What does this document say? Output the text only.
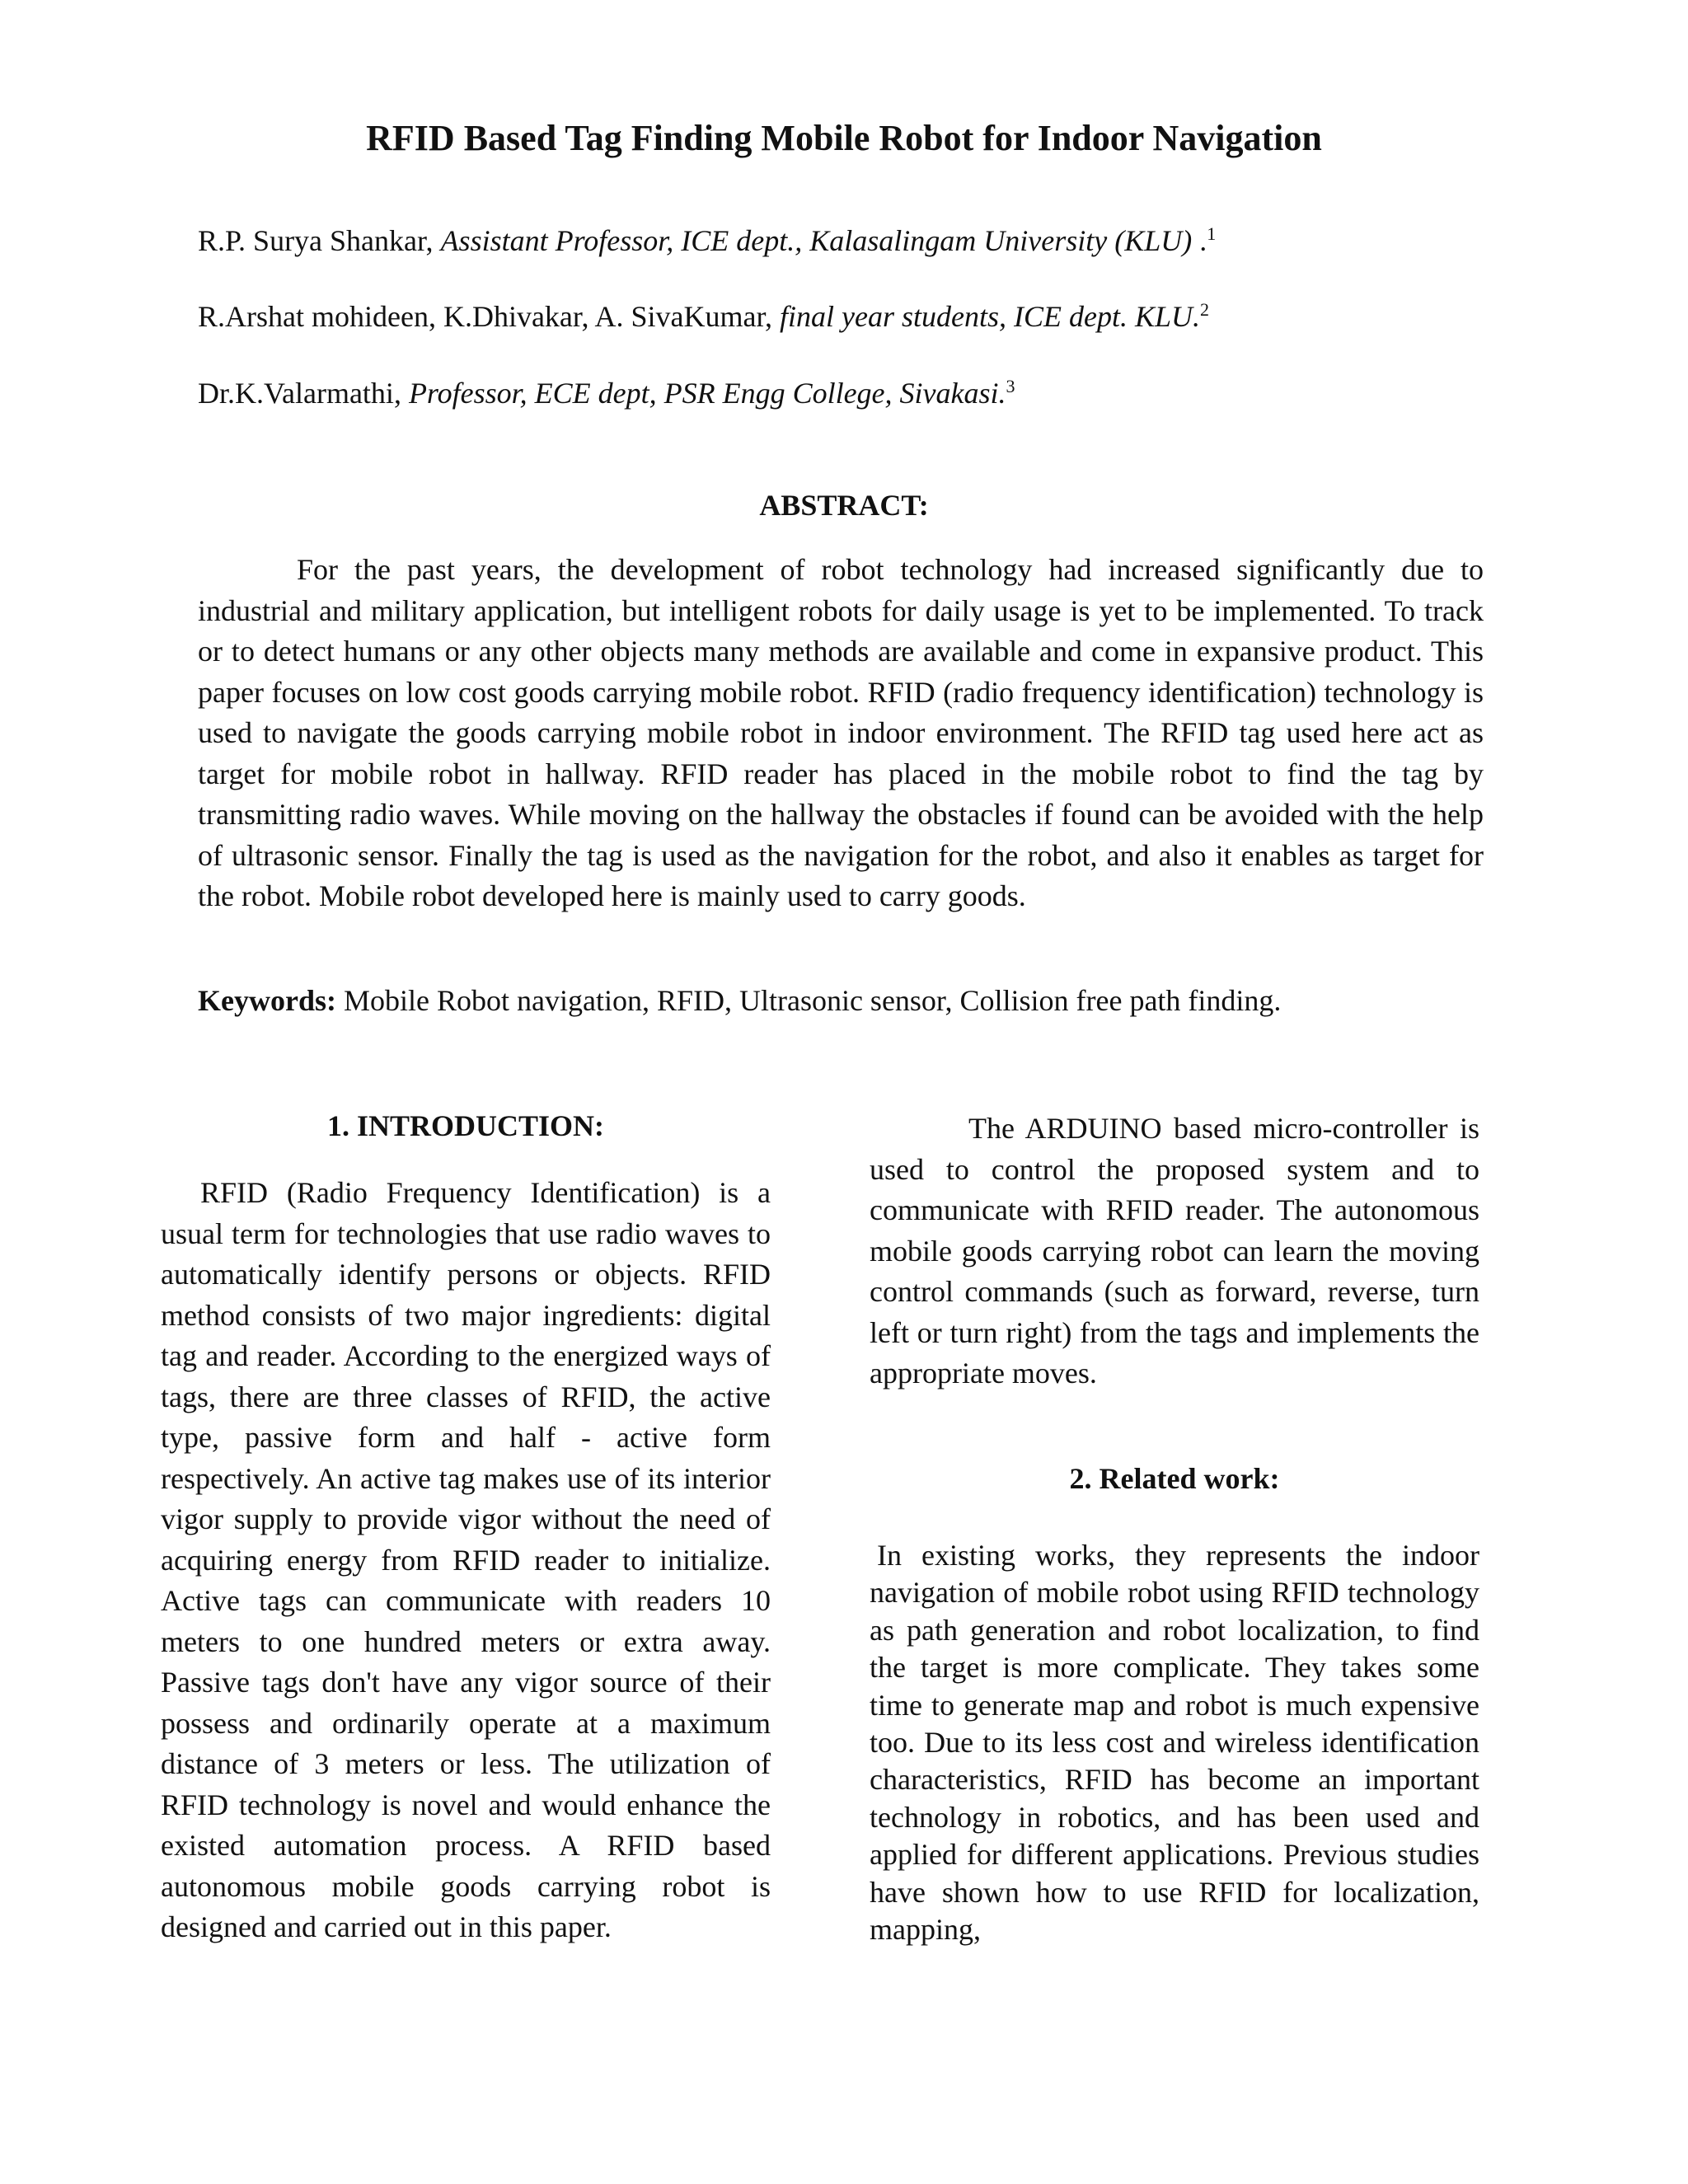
RFID Based Tag Finding Mobile Robot for Indoor Navigation
R.P. Surya Shankar, Assistant Professor, ICE dept., Kalasalingam University (KLU) .$^1$
R.Arshat mohideen, K.Dhivakar, A. SivaKumar, final year students, ICE dept. KLU.$^2$
Dr.K.Valarmathi, Professor, ECE dept, PSR Engg College, Sivakasi.$^3$
ABSTRACT:
For the past years, the development of robot technology had increased significantly due to industrial and military application, but intelligent robots for daily usage is yet to be implemented. To track or to detect humans or any other objects many methods are available and come in expansive product. This paper focuses on low cost goods carrying mobile robot. RFID (radio frequency identification) technology is used to navigate the goods carrying mobile robot in indoor environment. The RFID tag used here act as target for mobile robot in hallway. RFID reader has placed in the mobile robot to find the tag by transmitting radio waves. While moving on the hallway the obstacles if found can be avoided with the help of ultrasonic sensor. Finally the tag is used as the navigation for the robot, and also it enables as target for the robot. Mobile robot developed here is mainly used to carry goods.
Keywords: Mobile Robot navigation, RFID, Ultrasonic sensor, Collision free path finding.
1. INTRODUCTION:
RFID (Radio Frequency Identification) is a usual term for technologies that use radio waves to automatically identify persons or objects. RFID method consists of two major ingredients: digital tag and reader. According to the energized ways of tags, there are three classes of RFID, the active type, passive form and half - active form respectively. An active tag makes use of its interior vigor supply to provide vigor without the need of acquiring energy from RFID reader to initialize. Active tags can communicate with readers 10 meters to one hundred meters or extra away. Passive tags don't have any vigor source of their possess and ordinarily operate at a maximum distance of 3 meters or less. The utilization of RFID technology is novel and would enhance the existed automation process. A RFID based autonomous mobile goods carrying robot is designed and carried out in this paper.
The ARDUINO based micro-controller is used to control the proposed system and to communicate with RFID reader. The autonomous mobile goods carrying robot can learn the moving control commands (such as forward, reverse, turn left or turn right) from the tags and implements the appropriate moves.
2. Related work:
In existing works, they represents the indoor navigation of mobile robot using RFID technology as path generation and robot localization, to find the target is more complicate. They takes some time to generate map and robot is much expensive too. Due to its less cost and wireless identification characteristics, RFID has become an important technology in robotics, and has been used and applied for different applications. Previous studies have shown how to use RFID for localization, mapping,
